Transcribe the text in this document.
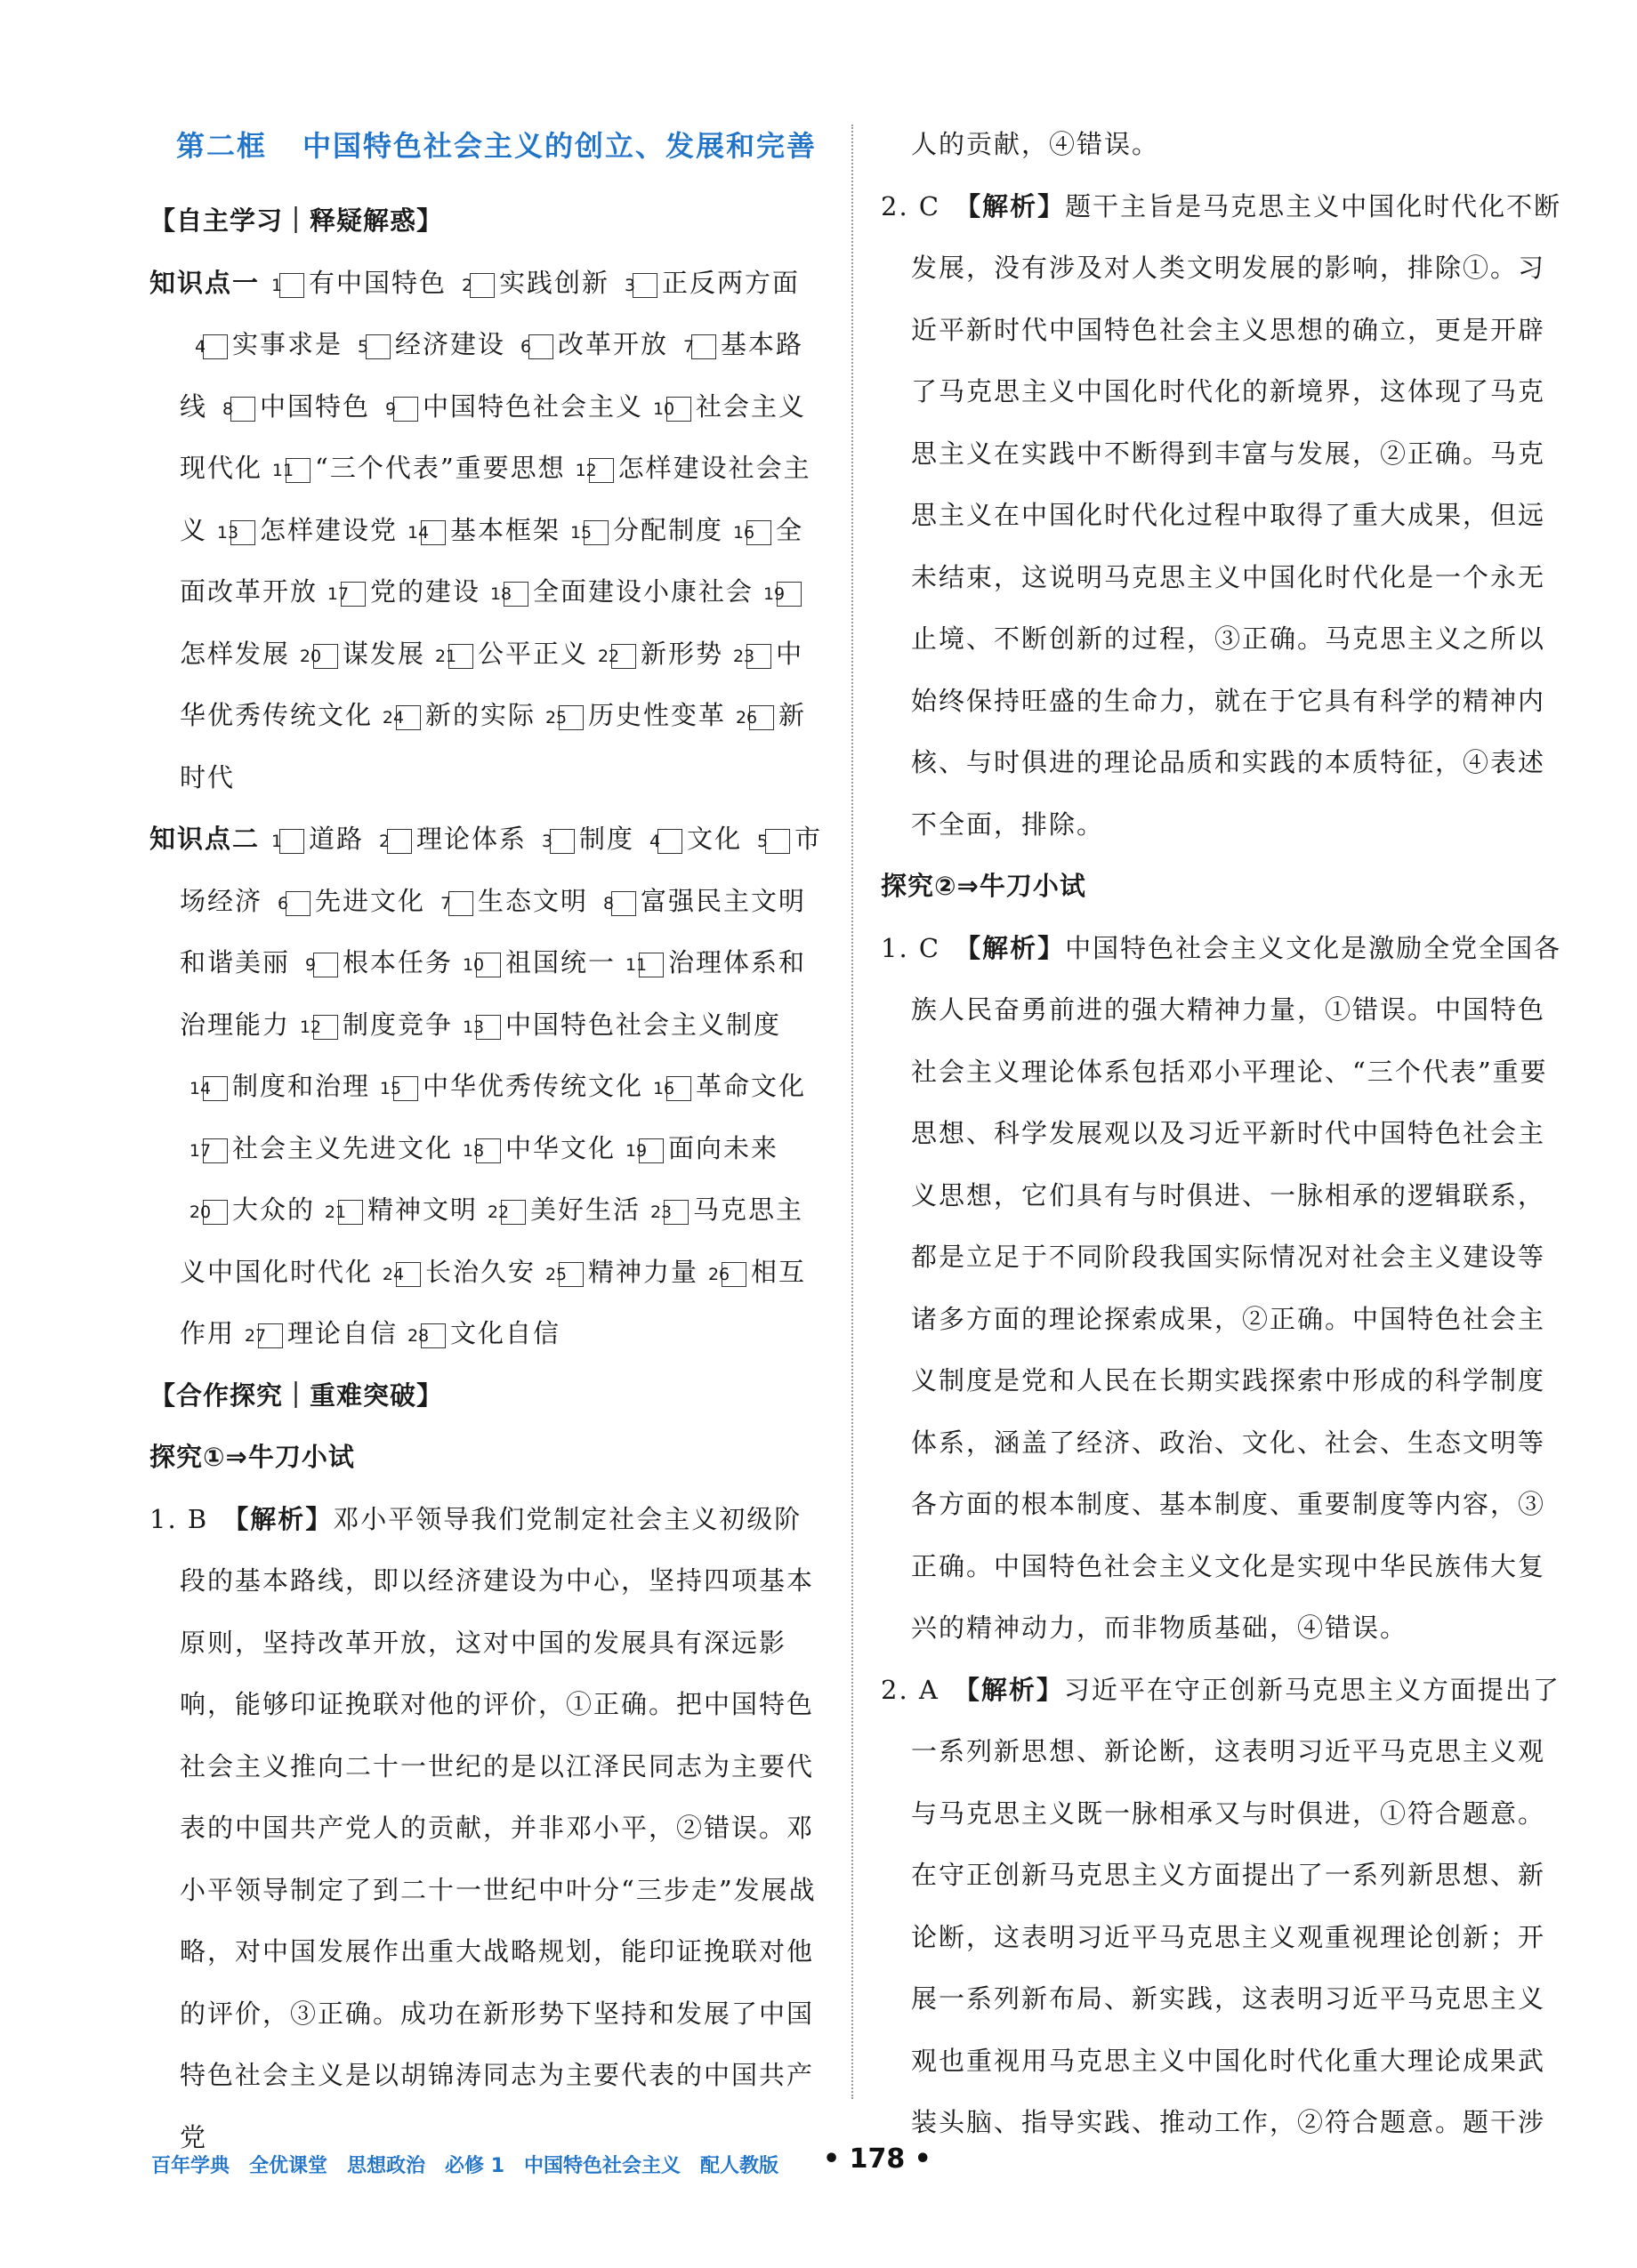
第二框 中国特色社会主义的创立、发展和完善
【自主学习｜释疑解惑】

知识点一 1 有中国特色 2 实践创新 3 正反两方面4 实事求是 5 经济建设 6 改革开放 7 基本路线 8 中国特色 9 中国特色社会主义 10 社会主义现代化 11 “三个代表”重要思想 12 怎样建设社会主义 13 怎样建设党 14 基本框架 15 分配制度 16 全面改革开放 17 党的建设 18 全面建设小康社会 19怎样发展 20 谋发展 21 公平正义 22 新形势 23 中华优秀传统文化 24 新的实际 25 历史性变革 26 新时代

知识点二 1 道路 2 理论体系 3 制度 4 文化 5 市场经济 6 先进文化 7 生态文明 8 富强民主文明和谐美丽 9 根本任务 10 祖国统一 11 治理体系和治理能力 12 制度竞争 13 中国特色社会主义制度14 制度和治理 15 中华优秀传统文化 16 革命文化17 社会主义先进文化 18 中华文化 19 面向未来20 大众的 21 精神文明 22 美好生活 23 马克思主义中国化时代化 24 长治久安 25 精神力量 26 相互作用 27 理论自信 28 文化自信

【合作探究｜重难突破】
探究①⇒牛刀小试

1. B 【解析】邓小平领导我们党制定社会主义初级阶段的基本路线，即以经济建设为中心，坚持四项基本原则，坚持改革开放，这对中国的发展具有深远影响，能够印证挽联对他的评价，①正确。把中国特色社会主义推向二十一世纪的是以江泽民同志为主要代表的中国共产党人的贡献，并非邓小平，②错误。邓小平领导制定了到二十一世纪中叶分“三步走”发展战略，对中国发展作出重大战略规划，能印证挽联对他的评价，③正确。成功在新形势下坚持和发展了中国特色社会主义是以胡锦涛同志为主要代表的中国共产党

人的贡献，④错误。

2. C 【解析】题干主旨是马克思主义中国化时代化不断发展，没有涉及对人类文明发展的影响，排除①。习近平新时代中国特色社会主义思想的确立，更是开辟了马克思主义中国化时代化的新境界，这体现了马克思主义在实践中不断得到丰富与发展，②正确。马克思主义在中国化时代化过程中取得了重大成果，但远未结束，这说明马克思主义中国化时代化是一个永无止境、不断创新的过程，③正确。马克思主义之所以始终保持旺盛的生命力，就在于它具有科学的精神内核、与时俱进的理论品质和实践的本质特征，④表述不全面，排除。

探究②⇒牛刀小试

1. C 【解析】中国特色社会主义文化是激励全党全国各族人民奋勇前进的强大精神力量，①错误。中国特色社会主义理论体系包括邓小平理论、“三个代表”重要思想、科学发展观以及习近平新时代中国特色社会主义思想，它们具有与时俱进、一脉相承的逻辑联系，都是立足于不同阶段我国实际情况对社会主义建设等诸多方面的理论探索成果，②正确。中国特色社会主义制度是党和人民在长期实践探索中形成的科学制度体系，涵盖了经济、政治、文化、社会、生态文明等各方面的根本制度、基本制度、重要制度等内容，③正确。中国特色社会主义文化是实现中华民族伟大复兴的精神动力，而非物质基础，④错误。

2. A 【解析】习近平在守正创新马克思主义方面提出了一系列新思想、新论断，这表明习近平马克思主义观与马克思主义既一脉相承又与时俱进，①符合题意。在守正创新马克思主义方面提出了一系列新思想、新论断，这表明习近平马克思主义观重视理论创新；开展一系列新布局、新实践，这表明习近平马克思主义观也重视用马克思主义中国化时代化重大理论成果武装头脑、指导实践、推动工作，②符合题意。题干涉

百年学典 全优课堂 思想政治 必修 1 中国特色社会主义 配人教版	• 178 •
